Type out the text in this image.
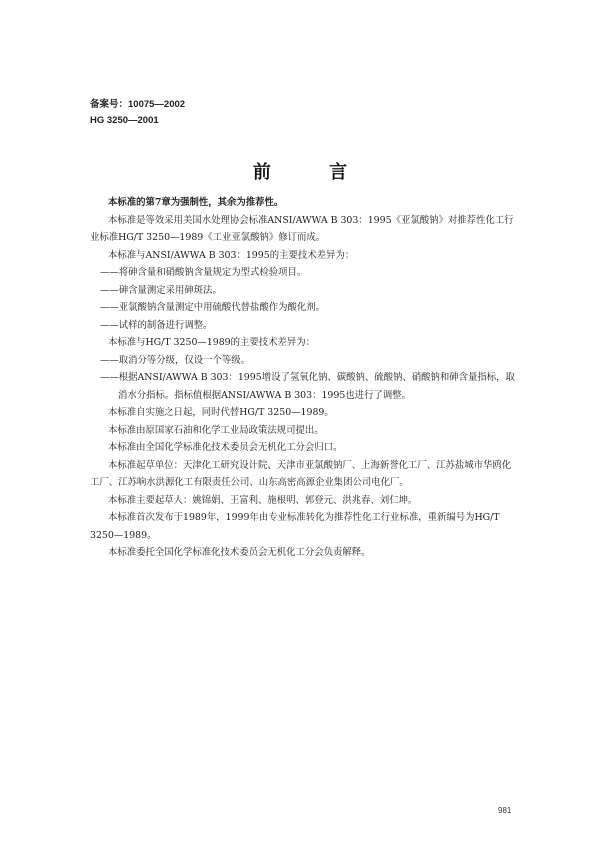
备案号：10075—2002
HG 3250—2001
前 言

本标准的第7章为强制性，其余为推荐性。

本标准是等效采用美国水处理协会标准ANSI/AWWA B 303：1995《亚氯酸钠》对推荐性化工行业标准HG/T 3250—1989《工业亚氯酸钠》修订而成。

本标准与ANSI/AWWA B 303：1995的主要技术差异为：

——将砷含量和硝酸钠含量规定为型式检验项目。

——砷含量测定采用砷斑法。

——亚氯酸钠含量测定中用硫酸代替盐酸作为酸化剂。

——试样的制备进行调整。

本标准与HG/T 3250—1989的主要技术差异为：

——取消分等分级，仅设一个等级。

——根据ANSI/AWWA B 303：1995增设了氢氧化钠、碳酸钠、硫酸钠、硝酸钠和砷含量指标，取消水分指标。指标值根据ANSI/AWWA B 303：1995也进行了调整。

本标准自实施之日起，同时代替HG/T 3250—1989。

本标准由原国家石油和化学工业局政策法规司提出。

本标准由全国化学标准化技术委员会无机化工分会归口。

本标准起草单位：天津化工研究设计院、天津市亚氯酸钠厂、上海新誉化工厂、江苏盐城市华鸥化工厂、江苏响水洪源化工有限责任公司、山东高密高源企业集团公司电化厂。

本标准主要起草人：姚锦娟、王富利、施根明、郭登元、洪兆春、刘仁坤。

本标准首次发布于1989年，1999年由专业标准转化为推荐性化工行业标准，重新编号为HG/T 3250—1989。

本标准委托全国化学标准化技术委员会无机化工分会负责解释。

981
